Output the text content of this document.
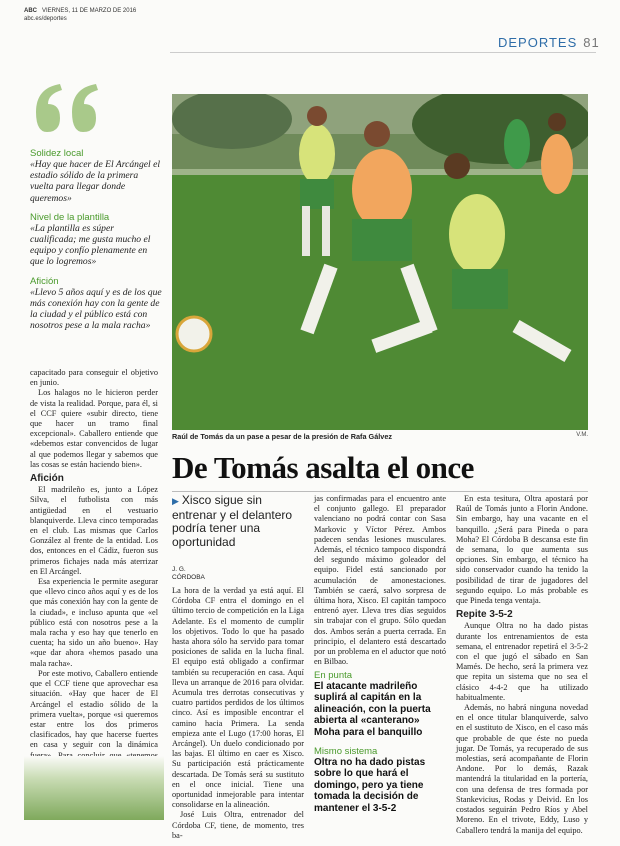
ABC VIERNES, 11 DE MARZO DE 2016
abc.es/deportes
DEPORTES 81

Solidez local

«Hay que hacer de El Arcángel el estadio sólido de la primera vuelta para llegar donde queremos»

Nivel de la plantilla

«La plantilla es súper cualificada; me gusta mucho el equipo y confío plenamente en que lo logremos»

Afición

«Llevo 5 años aquí y es de los que más conexión hay con la gente de la ciudad y el público está con nosotros pese a la mala racha»

capacitado para conseguir el objetivo en junio.

Los halagos no le hicieron perder de vista la realidad. Porque, para él, si el CCF quiere «subir directo, tiene que hacer un tramo final excepcional». Caballero entiende que «debemos estar convencidos de lugar al que podemos llegar y sabemos que las cosas se están haciendo bien».

Afición

El madrileño es, junto a López Silva, el futbolista con más antigüedad en el vestuario blanquiverde. Lleva cinco temporadas en el club. Las mismas que Carlos González al frente de la entidad. Los dos, entonces en el Cádiz, fueron sus primeros fichajes nada más aterrizar en El Arcángel.

Esa experiencia le permite asegurar que «llevo cinco años aquí y es de los que más conexión hay con la gente de la ciudad», e incluso apunta que «el público está con nosotros pese a la mala racha y eso hay que tenerlo en cuenta; ha sido un año bueno». Hay «que dar ahora «hemos pasado una mala racha».

Por este motivo, Caballero entiende que el CCF tiene que aprovechar esa situación. «Hay que hacer de El Arcángel el estadio sólido de la primera vuelta», porque «si queremos estar entre los dos primeros clasificados, hay que hacerse fuertes en casa y seguir con la dinámica

Raúl de Tomás da un pase a pesar de la presión de Rafa Gálvez	V.M.
De Tomás asalta el once
▶ Xisco sigue sin entrenar y el delantero podría tener una oportunidad
J. G.
CÓRDOBA

La hora de la verdad ya está aquí. El Córdoba CF entra el domingo en el último tercio de competición en la Liga Adelante. Es el momento de cumplir los objetivos. Todo lo que ha pasado hasta ahora sólo ha servido para tomar posiciones de salida en la lucha final. El equipo está obligado a confirmar también su recuperación en casa. Aquí lleva un arranque de 2016 para olvidar. Acumula tres derrotas consecutivas y cuatro partidos perdidos de los últimos cinco. Así es imposible encontrar el camino hacia Primera. La senda empieza ante el Lugo (17:00 horas, El Arcángel). Un duelo condicionado por las bajas. El último en caer es Xisco. Su participación está prácticamente descartada. De Tomás será su sustituto en el once inicial. Tiene una oportunidad inmejorable para intentar consolidarse en la alineación.

José Luis Oltra, entrenador del Córdoba CF, tiene, de momento, tres ba-

jas confirmadas para el encuentro ante el conjunto gallego. El preparador valenciano no podrá contar con Sasa Markovic y Víctor Pérez. Ambos padecen sendas lesiones musculares. Además, el técnico tampoco dispondrá del segundo máximo goleador del equipo. Fidel está sancionado por acumulación de amonestaciones. También se caerá, salvo sorpresa de última hora, Xisco. El capitán tampoco entrenó ayer. Lleva tres días seguidos sin trabajar con el grupo. Sólo quedan dos. Ambos serán a puerta cerrada. En principio, el delantero está descartado por un problema en el aductor que notó en Bilbao.

En punta

El atacante madrileño suplirá al capitán en la alineación, con la puerta abierta al «canterano» Moha para el banquillo

Mismo sistema

Oltra no ha dado pistas sobre lo que hará el domingo, pero ya tiene tomada la decisión de mantener el 3-5-2

En esta tesitura, Oltra apostará por Raúl de Tomás junto a Florin Andone. Sin embargo, hay una vacante en el banquillo. ¿Será para Pineda o para Moha? El Córdoba B descansa este fin de semana, lo que aumenta sus opciones. Sin embargo, el técnico ha sido conservador cuando ha tenido la posibilidad de tirar de jugadores del segundo equipo. Lo más probable es que Pineda tenga ventaja.

Repite 3-5-2

Aunque Oltra no ha dado pistas durante los entrenamientos de esta semana, el entrenador repetirá el 3-5-2 con el que jugó el sábado en San Mamés. De hecho, será la primera vez que repita un sistema que no sea el clásico 4-4-2 que ha utilizado habitualmente.

Además, no habrá ninguna novedad en el once titular blanquiverde, salvo en el sustituto de Xisco, en el caso más que probable de que éste no pueda jugar. De Tomás, ya recuperado de sus molestias, será acompañante de Florin Andone. Por lo demás, Razak mantendrá la titularidad en la portería, con una defensa de tres formada por Stankevicius, Rodas y Deivid. En los costados seguirán Pedro Ríos y Abel Moreno. En el trivote, Eddy, Luso y Caballero tendrá la manija del equipo.
